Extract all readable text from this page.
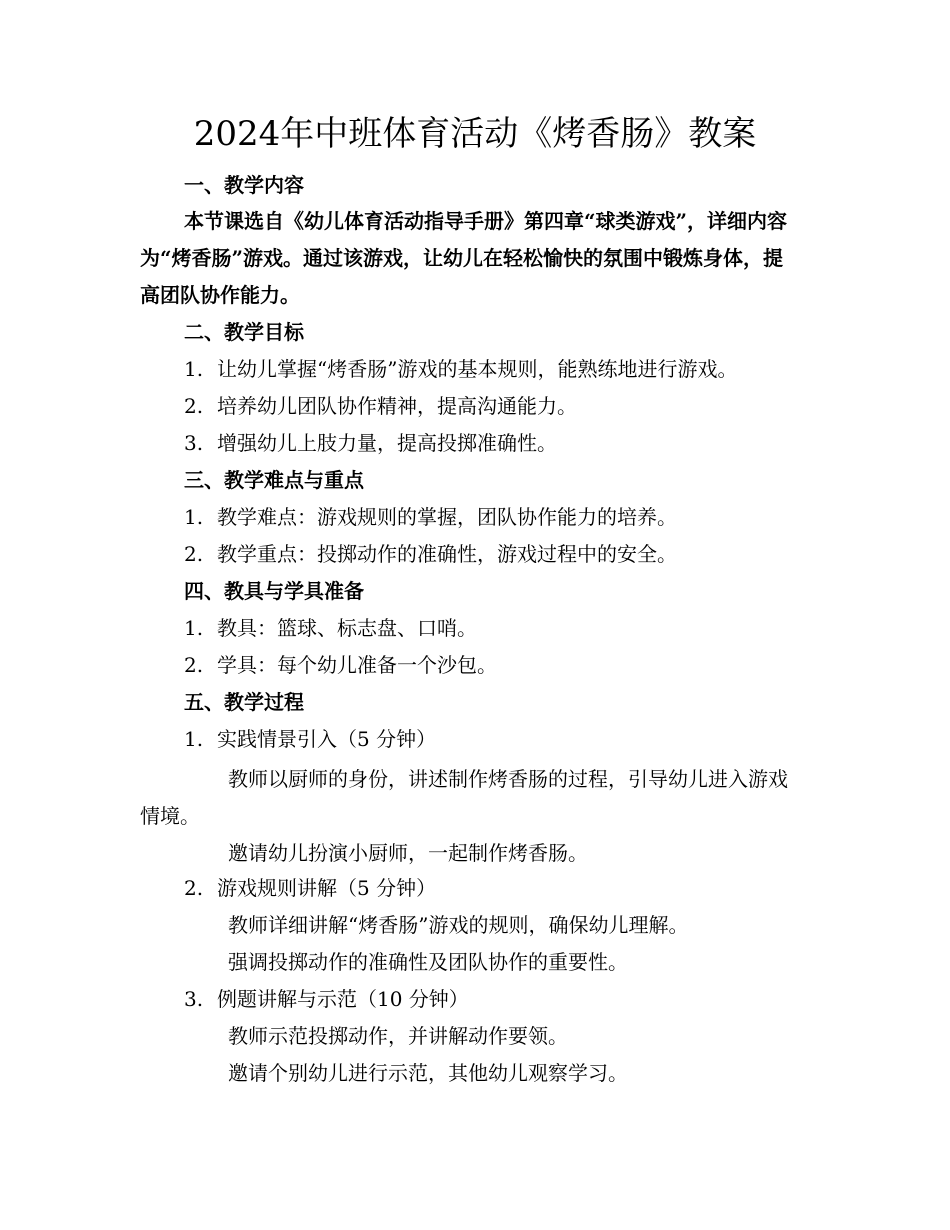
2024年中班体育活动《烤香肠》教案
一、教学内容

本节课选自《幼儿体育活动指导手册》第四章“球类游戏”，详细内容为“烤香肠”游戏。通过该游戏，让幼儿在轻松愉快的氛围中锻炼身体，提高团队协作能力。

二、教学目标
1. 让幼儿掌握“烤香肠”游戏的基本规则，能熟练地进行游戏。
2. 培养幼儿团队协作精神，提高沟通能力。
3. 增强幼儿上肢力量，提高投掷准确性。
三、教学难点与重点
1. 教学难点：游戏规则的掌握，团队协作能力的培养。
2. 教学重点：投掷动作的准确性，游戏过程中的安全。
四、教具与学具准备
1. 教具：篮球、标志盘、口哨。
2. 学具：每个幼儿准备一个沙包。
五、教学过程
1. 实践情景引入（5 分钟）

教师以厨师的身份，讲述制作烤香肠的过程，引导幼儿进入游戏情境。

邀请幼儿扮演小厨师，一起制作烤香肠。
2. 游戏规则讲解（5 分钟）
教师详细讲解“烤香肠”游戏的规则，确保幼儿理解。
强调投掷动作的准确性及团队协作的重要性。
3. 例题讲解与示范（10 分钟）
教师示范投掷动作，并讲解动作要领。
邀请个别幼儿进行示范，其他幼儿观察学习。
